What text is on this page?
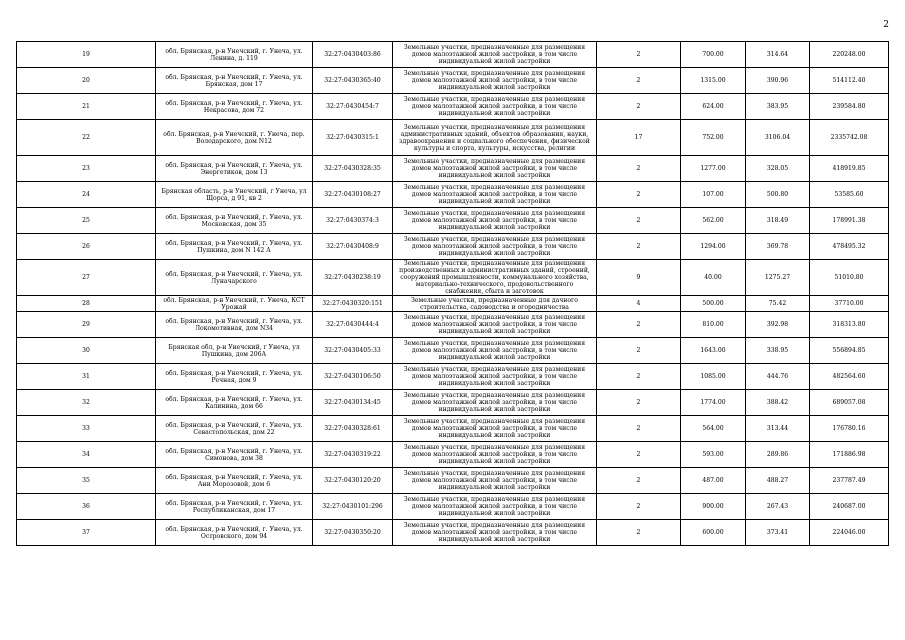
2
19	обл. Брянская, р-н Унечский, г. Унеча, ул. Ленина, д. 119	32:27:0430403:86	Земельные участки, предназначенные для размещения домов малоэтажной жилой застройки, в том числе индивидуальной жилой застройки	2	700.00	314.64	220248.00
20	обл. Брянская, р-н Унечский, г. Унеча, ул. Брянская, дом 17	32:27:0430365:40	Земельные участки, предназначенные для размещения домов малоэтажной жилой застройки, в том числе индивидуальной жилой застройки	2	1315.00	390.96	514112.40
21	обл. Брянская, р-н Унечский, г. Унеча, ул. Некрасова, дом 72	32:27:0430454:7	Земельные участки, предназначенные для размещения домов малоэтажной жилой застройки, в том числе индивидуальной жилой застройки	2	624.00	383.95	239584.80
22	обл. Брянская, р-н Унечский, г. Унеча, пер. Володарского, дом N12	32:27:0430315:1	Земельные участки, предназначенные для размещения административных зданий, объектов образования, науки, здравоохранения и социального обеспечения, физической культуры и спорта, культуры, искусства, религии	17	752.00	3106.04	2335742.08
23	обл. Брянская, р-н Унечский, г. Унеча, ул. Энергетиков, дом 13	32:27:0430328:35	Земельные участки, предназначенные для размещения домов малоэтажной жилой застройки, в том числе индивидуальной жилой застройки	2	1277.00	328.05	418919.85
24	Брянская область, р-н Унечский, г Унеча, ул Щорса, д 91, кв 2	32:27:0430108:27	Земельные участки, предназначенные для размещения домов малоэтажной жилой застройки, в том числе индивидуальной жилой застройки	2	107.00	500.80	53585.60
25	обл. Брянская, р-н Унечский, г. Унеча, ул. Московская, дом 35	32:27:0430374:3	Земельные участки, предназначенные для размещения домов малоэтажной жилой застройки, в том числе индивидуальной жилой застройки	2	562.00	318.49	178991.38
26	обл. Брянская, р-н Унечский, г. Унеча, ул. Пушкина, дом N 142 А	32:27:0430408:9	Земельные участки, предназначенные для размещения домов малоэтажной жилой застройки, в том числе индивидуальной жилой застройки	2	1294.00	369.78	478495.32
27	обл. Брянская, р-н Унечский, г. Унеча, ул. Луначарского	32:27:0430238:19	Земельные участки, предназначенные для размещения производственных и административных зданий, строений, сооружений промышленности, коммунального хозяйства, материально-технического, продовольственного снабжения, сбыта и заготовок	9	40.00	1275.27	51010.80
28	обл. Брянская, р-н Унечский, г. Унеча, КСТ Урожай	32:27:0430320:151	Земельные участки, предназначенные для дачного строительства, садоводства и огородничества	4	500.00	75.42	37710.00
29	обл. Брянская, р-н Унечский, г. Унеча, ул. Локомотивная, дом N34	32:27:0430444:4	Земельные участки, предназначенные для размещения домов малоэтажной жилой застройки, в том числе индивидуальной жилой застройки	2	810.00	392.98	318313.80
30	Брянская обл, р-н Унечский, г Унеча, ул Пушкина, дом 206А	32:27:0430405:33	Земельные участки, предназначенные для размещения домов малоэтажной жилой застройки, в том числе индивидуальной жилой застройки	2	1643.00	338.95	556894.85
31	обл. Брянская, р-н Унечский, г. Унеча, ул. Речная, дом 9	32:27:0430106:50	Земельные участки, предназначенные для размещения домов малоэтажной жилой застройки, в том числе индивидуальной жилой застройки	2	1085.00	444.76	482564.60
32	обл. Брянская, р-н Унечский, г. Унеча, ул. Калинина, дом 66	32:27:0430134:45	Земельные участки, предназначенные для размещения домов малоэтажной жилой застройки, в том числе индивидуальной жилой застройки	2	1774.00	388.42	689057.08
33	обл. Брянская, р-н Унечский, г. Унеча, ул. Севастопольская, дом 22	32:27:0430328:61	Земельные участки, предназначенные для размещения домов малоэтажной жилой застройки, в том числе индивидуальной жилой застройки	2	564.00	313.44	176780.16
34	обл. Брянская, р-н Унечский, г. Унеча, ул. Симонова, дом 38	32:27:0430319:22	Земельные участки, предназначенные для размещения домов малоэтажной жилой застройки, в том числе индивидуальной жилой застройки	2	593.00	289.86	171886.98
35	обл. Брянская, р-н Унечский, г. Унеча, ул. Ани Морозовой, дом 6	32:27:0430120:20	Земельные участки, предназначенные для размещения домов малоэтажной жилой застройки, в том числе индивидуальной жилой застройки	2	487.00	488.27	237787.49
36	обл. Брянская, р-н Унечский, г. Унеча, ул. Республиканская, дом 17	32:27:0430101:296	Земельные участки, предназначенные для размещения домов малоэтажной жилой застройки, в том числе индивидуальной жилой застройки	2	900.00	267.43	240687.00
37	обл. Брянская, р-н Унечский, г. Унеча, ул. Островского, дом 94	32:27:0430350:20	Земельные участки, предназначенные для размещения домов малоэтажной жилой застройки, в том числе индивидуальной жилой застройки	2	600.00	373.41	224046.00
